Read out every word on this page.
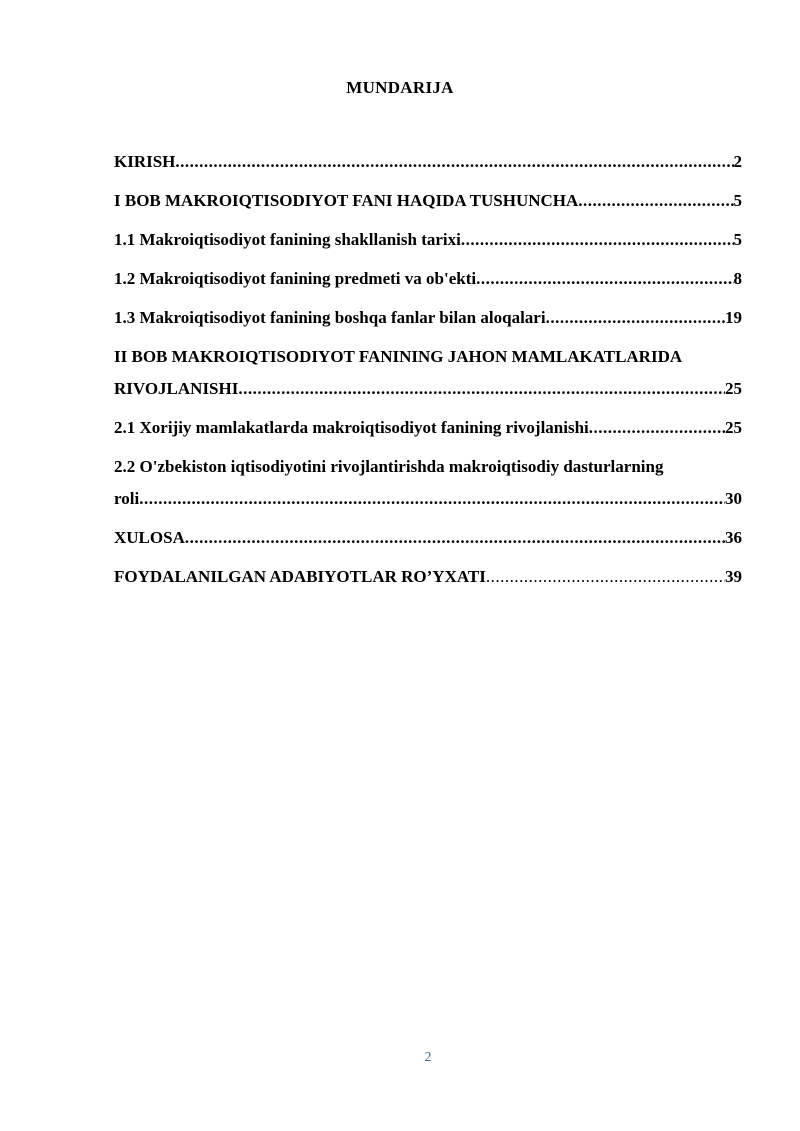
MUNDARIJA
KIRISH .....	2
I BOB MAKROIQTISODIYOT FANI HAQIDA TUSHUNCHA .....	5
1.1 Makroiqtisodiyot fanining shakllanish tarixi .....	5
1.2 Makroiqtisodiyot fanining predmeti va ob'ekti .....	8
1.3 Makroiqtisodiyot fanining boshqa fanlar bilan aloqalari .....	19
II BOB MAKROIQTISODIYOT FANINING JAHON MAMLAKATLARIDA
RIVOJLANISHI .....	25
2.1 Xorijiy mamlakatlarda makroiqtisodiyot fanining rivojlanishi .....	25
2.2 O'zbekiston iqtisodiyotini rivojlantirishda makroiqtisodiy dasturlarning
roli .....	30
XULOSA .....	36
FOYDALANILGAN ADABIYOTLAR RO’YXATI .....	39
2
